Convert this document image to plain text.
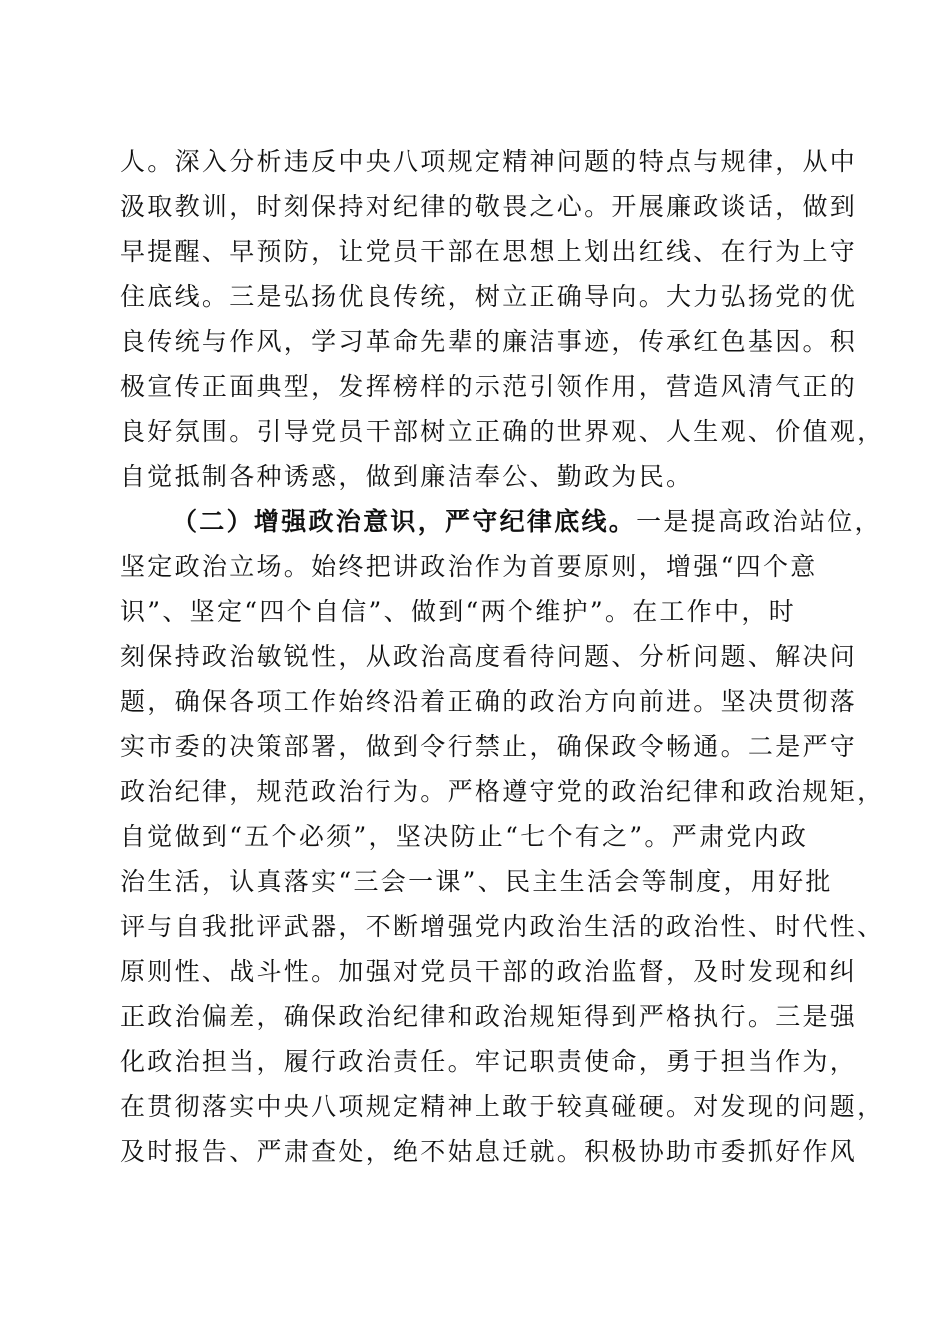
人。深入分析违反中央八项规定精神问题的特点与规律，从中
汲取教训，时刻保持对纪律的敬畏之心。开展廉政谈话，做到
早提醒、早预防，让党员干部在思想上划出红线、在行为上守
住底线。三是弘扬优良传统，树立正确导向。大力弘扬党的优
良传统与作风，学习革命先辈的廉洁事迹，传承红色基因。积
极宣传正面典型，发挥榜样的示范引领作用，营造风清气正的
良好氛围。引导党员干部树立正确的世界观、人生观、价值观，
自觉抵制各种诱惑，做到廉洁奉公、勤政为民。
（二）增强政治意识，严守纪律底线。一是提高政治站位，
坚定政治立场。始终把讲政治作为首要原则，增强“四个意
识”、坚定“四个自信”、做到“两个维护”。在工作中，时
刻保持政治敏锐性，从政治高度看待问题、分析问题、解决问
题，确保各项工作始终沿着正确的政治方向前进。坚决贯彻落
实市委的决策部署，做到令行禁止，确保政令畅通。二是严守
政治纪律，规范政治行为。严格遵守党的政治纪律和政治规矩，
自觉做到“五个必须”，坚决防止“七个有之”。严肃党内政
治生活，认真落实“三会一课”、民主生活会等制度，用好批
评与自我批评武器，不断增强党内政治生活的政治性、时代性、
原则性、战斗性。加强对党员干部的政治监督，及时发现和纠
正政治偏差，确保政治纪律和政治规矩得到严格执行。三是强
化政治担当，履行政治责任。牢记职责使命，勇于担当作为，
在贯彻落实中央八项规定精神上敢于较真碰硬。对发现的问题，
及时报告、严肃查处，绝不姑息迁就。积极协助市委抓好作风
